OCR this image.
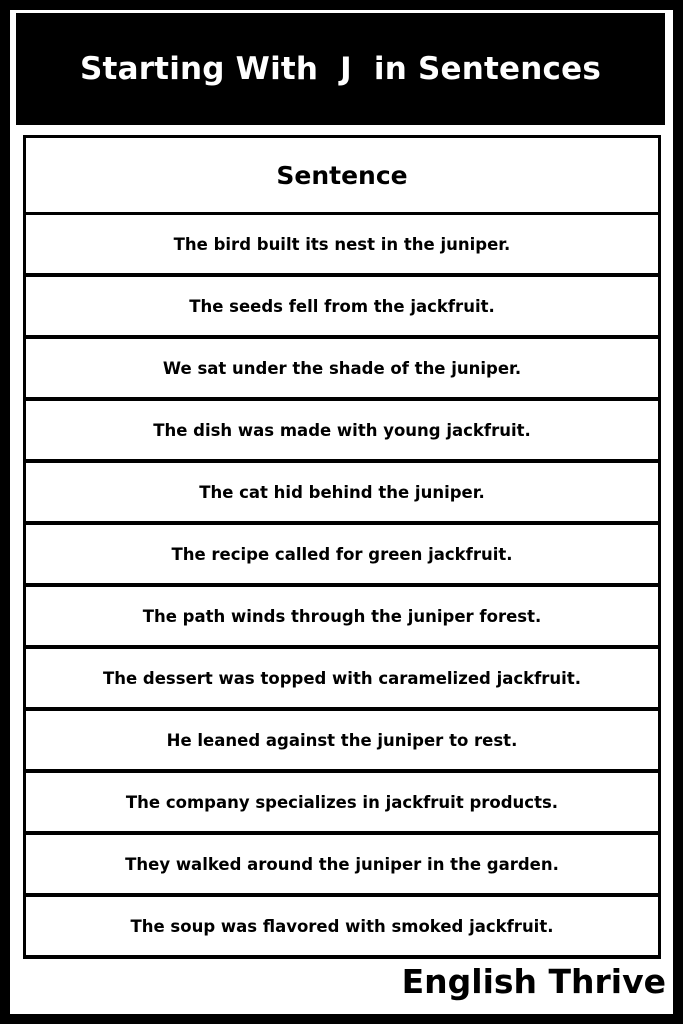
Starting With  J  in Sentences
Sentence
The bird built its nest in the juniper.
The seeds fell from the jackfruit.
We sat under the shade of the juniper.
The dish was made with young jackfruit.
The cat hid behind the juniper.
The recipe called for green jackfruit.
The path winds through the juniper forest.
The dessert was topped with caramelized jackfruit.
He leaned against the juniper to rest.
The company specializes in jackfruit products.
They walked around the juniper in the garden.
The soup was flavored with smoked jackfruit.
English Thrive
